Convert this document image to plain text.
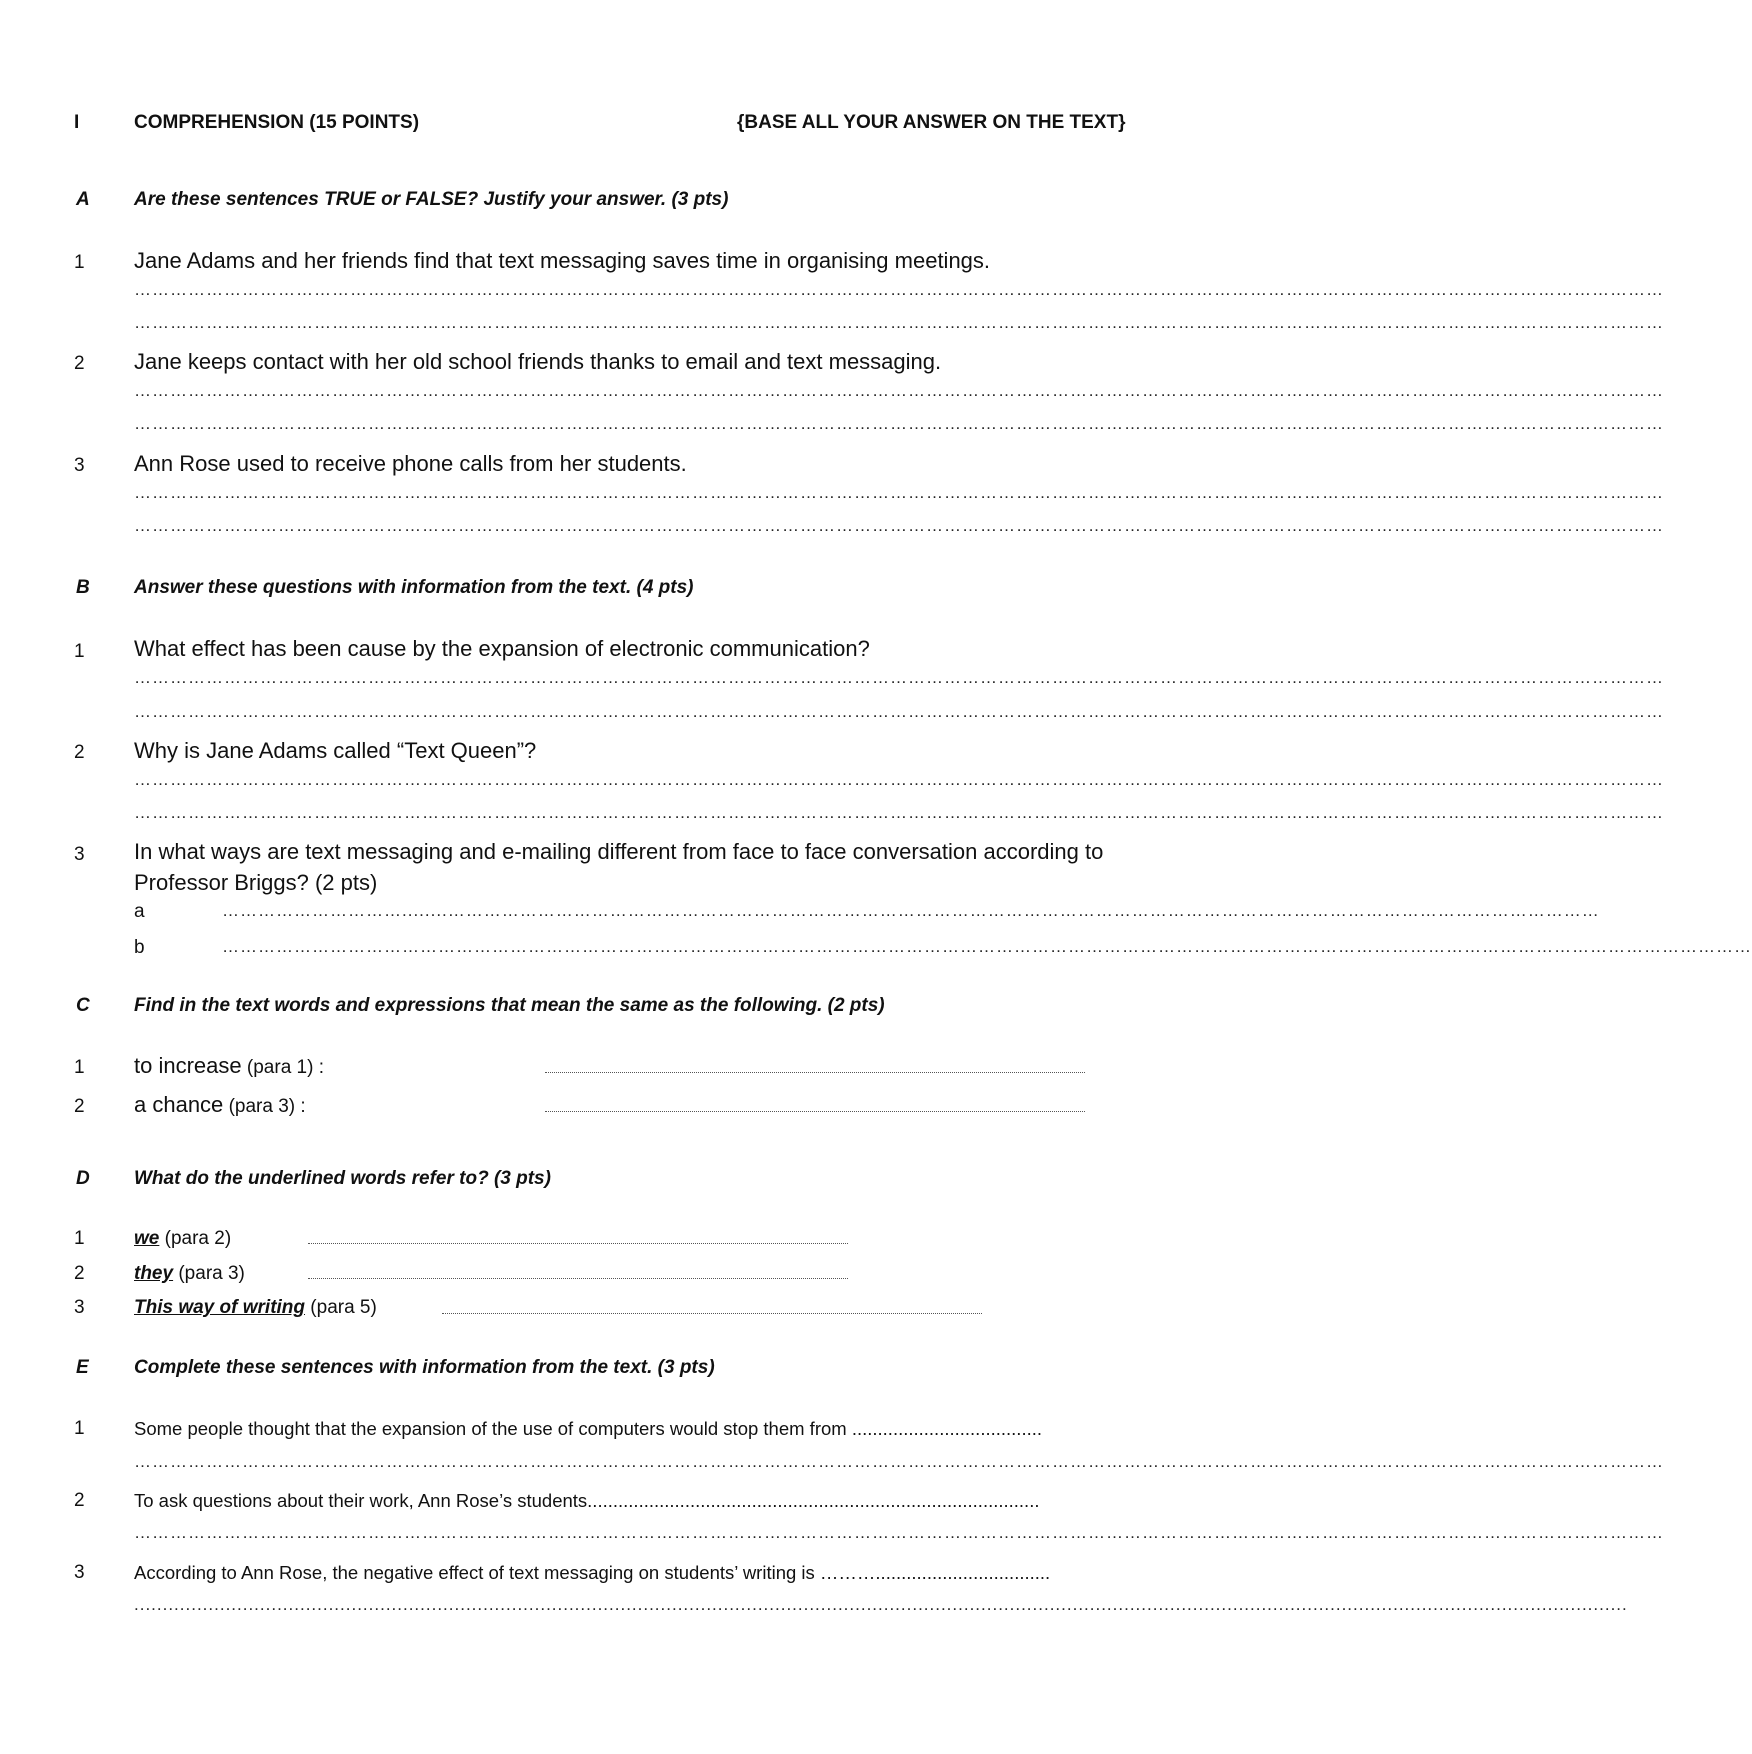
I	COMPREHENSION (15 POINTS)	{BASE ALL YOUR ANSWER ON THE TEXT}
A Are these sentences TRUE or FALSE? Justify your answer. (3 pts)
1 Jane Adams and her friends find that text messaging saves time in organising meetings.
…………………………………………………………………………………………………………………………………………………………………………………………………………………………………
…………………………………………………………………………………………………………………………………………………………………………………………………………………………………
2 Jane keeps contact with her old school friends thanks to email and text messaging.
…………………………………………………………………………………………………………………………………………………………………………………………………………………………………
…………………………………………………………………………………………………………………………………………………………………………………………………………………………………
3 Ann Rose used to receive phone calls from her students.
…………………………………………………………………………………………………………………………………………………………………………………………………………………………………
…………………………………………………………………………………………………………………………………………………………………………………………………………………………………
B Answer these questions with information from the text. (4 pts)
1 What effect has been cause by the expansion of electronic communication?
…………………………………………………………………………………………………………………………………………………………………………………………………………………………………
…………………………………………………………………………………………………………………………………………………………………………………………………………………………………
2 Why is Jane Adams called “Text Queen”?
…………………………………………………………………………………………………………………………………………………………………………………………………………………………………
…………………………………………………………………………………………………………………………………………………………………………………………………………………………………
3 In what ways are text messaging and e-mailing different from face to face conversation according to
Professor Briggs? (2 pts)
a	…………………………........…………………………………………………………………………………………………………………………………………………………………………
b	…………………………………………………………………………………………………………………………………………………………………………………………………………………………………
C Find in the text words and expressions that mean the same as the following. (2 pts)
1 to increase (para 1) :
2 a chance (para 3) :
D What do the underlined words refer to? (3 pts)
1	we (para 2)
2	they (para 3)
3	This way of writing (para 5)
E Complete these sentences with information from the text. (3 pts)
1	Some people thought that the expansion of the use of computers would stop them from .....................................
…………………………………………………………………………………………………………………………………………………………………………………………………………………………………
2	To ask questions about their work, Ann Rose’s students........................................................................................
…………………………………………………………………………………………………………………………………………………………………………………………………………………………………
3	According to Ann Rose, the negative effect of text messaging on students’ writing is ………..................................
.....................................................................................................................................................................................................................................................................
